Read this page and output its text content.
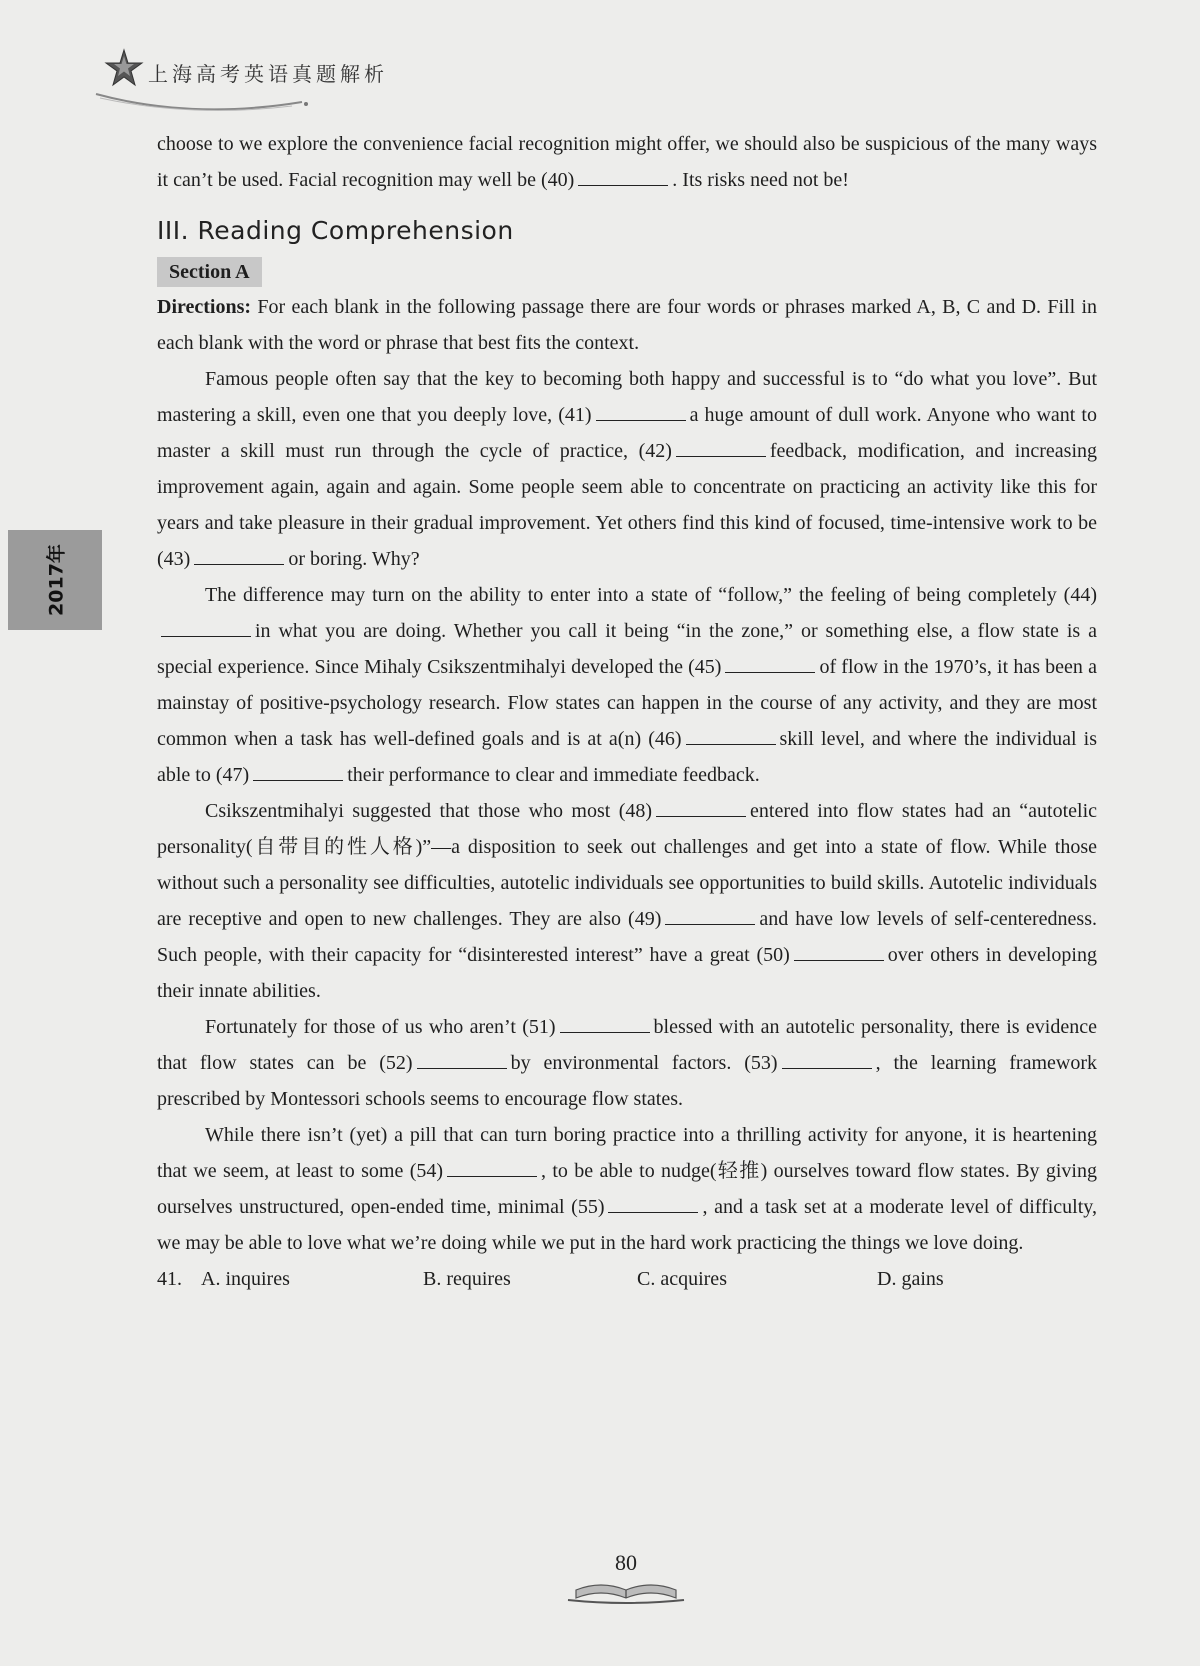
上海高考英语真题解析
2017年

choose to we explore the convenience facial recognition might offer, we should also be suspicious of the many ways it can’t be used. Facial recognition may well be (40)	. Its risks need not be!

III. Reading Comprehension
Section A

Directions: For each blank in the following passage there are four words or phrases marked A, B, C and D. Fill in each blank with the word or phrase that best fits the context.

Famous people often say that the key to becoming both happy and successful is to “do what you love”. But mastering a skill, even one that you deeply love, (41)	a huge amount of dull work. Anyone who want to master a skill must run through the cycle of practice, (42)	feedback, modification, and increasing improvement again, again and again. Some people seem able to concentrate on practicing an activity like this for years and take pleasure in their gradual improvement. Yet others find this kind of focused, time-intensive work to be (43)	or boring. Why?

The difference may turn on the ability to enter into a state of “follow,” the feeling of being completely (44)in what you are doing. Whether you call it being “in the zone,” or something else, a flow state is a special experience. Since Mihaly Csikszentmihalyi developed the (45)	of flow in the 1970’s, it has been a mainstay of positive-psychology research. Flow states can happen in the course of any activity, and they are most common when a task has well-defined goals and is at a(n) (46)	skill level, and where the individual is able to (47)	their performance to clear and immediate feedback.

Csikszentmihalyi suggested that those who most (48)	entered into flow states had an “autotelic personality(自带目的性人格)”—a disposition to seek out challenges and get into a state of flow. While those without such a personality see difficulties, autotelic individuals see opportunities to build skills. Autotelic individuals are receptive and open to new challenges. They are also (49)	and have low levels of self-centeredness. Such people, with their capacity for “disinterested interest” have a great (50)	over others in developing their innate abilities.

Fortunately for those of us who aren’t (51)	blessed with an autotelic personality, there is evidence that flow states can be (52)	by environmental factors. (53)	, the learning framework prescribed by Montessori schools seems to encourage flow states.

While there isn’t (yet) a pill that can turn boring practice into a thrilling activity for anyone, it is heartening that we seem, at least to some (54)	, to be able to nudge(轻推) ourselves toward flow states. By giving ourselves unstructured, open-ended time, minimal (55)	, and a task set at a moderate level of difficulty, we may be able to love what we’re doing while we put in the hard work practicing the things we love doing.

41. A. inquires	B. requires	C. acquires	D. gains
80
